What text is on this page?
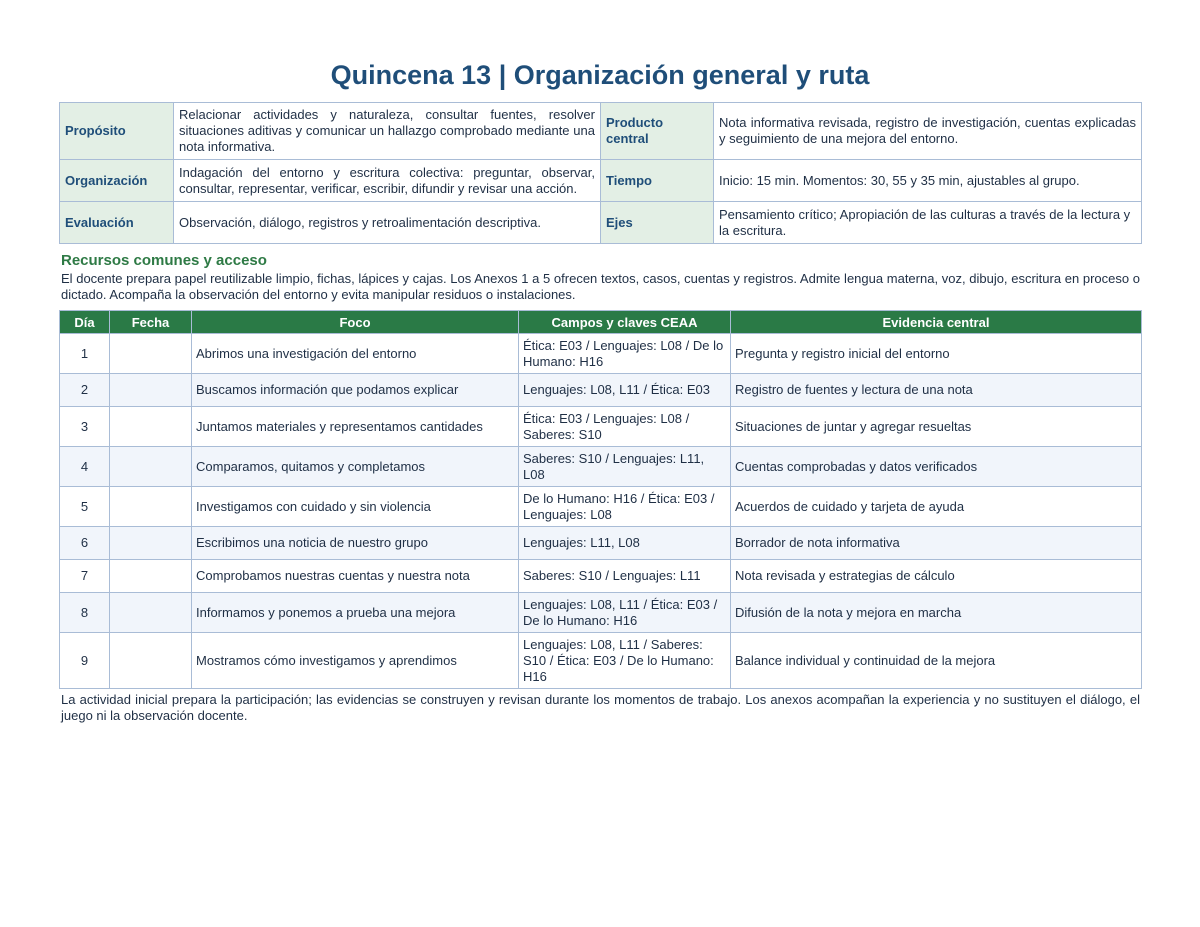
Quincena 13 | Organización general y ruta
Propósito	Relacionar actividades y naturaleza, consultar fuentes, resolver situaciones aditivas y comunicar un hallazgo comprobado mediante una nota informativa.	Producto central	Nota informativa revisada, registro de investigación, cuentas explicadas y seguimiento de una mejora del entorno.
Organización	Indagación del entorno y escritura colectiva: preguntar, observar, consultar, representar, verificar, escribir, difundir y revisar una acción.	Tiempo	Inicio: 15 min. Momentos: 30, 55 y 35 min, ajustables al grupo.
Evaluación	Observación, diálogo, registros y retroalimentación descriptiva.	Ejes	Pensamiento crítico; Apropiación de las culturas a través de la lectura y la escritura.
Recursos comunes y acceso
El docente prepara papel reutilizable limpio, fichas, lápices y cajas. Los Anexos 1 a 5 ofrecen textos, casos, cuentas y registros. Admite lengua materna, voz, dibujo, escritura en proceso o dictado. Acompaña la observación del entorno y evita manipular residuos o instalaciones.
Día	Fecha	Foco	Campos y claves CEAA	Evidencia central
1		Abrimos una investigación del entorno	Ética: E03 / Lenguajes: L08 / De lo Humano: H16	Pregunta y registro inicial del entorno
2		Buscamos información que podamos explicar	Lenguajes: L08, L11 / Ética: E03	Registro de fuentes y lectura de una nota
3		Juntamos materiales y representamos cantidades	Ética: E03 / Lenguajes: L08 / Saberes: S10	Situaciones de juntar y agregar resueltas
4		Comparamos, quitamos y completamos	Saberes: S10 / Lenguajes: L11, L08	Cuentas comprobadas y datos verificados
5		Investigamos con cuidado y sin violencia	De lo Humano: H16 / Ética: E03 / Lenguajes: L08	Acuerdos de cuidado y tarjeta de ayuda
6		Escribimos una noticia de nuestro grupo	Lenguajes: L11, L08	Borrador de nota informativa
7		Comprobamos nuestras cuentas y nuestra nota	Saberes: S10 / Lenguajes: L11	Nota revisada y estrategias de cálculo
8		Informamos y ponemos a prueba una mejora	Lenguajes: L08, L11 / Ética: E03 / De lo Humano: H16	Difusión de la nota y mejora en marcha
9		Mostramos cómo investigamos y aprendimos	Lenguajes: L08, L11 / Saberes: S10 / Ética: E03 / De lo Humano: H16	Balance individual y continuidad de la mejora
La actividad inicial prepara la participación; las evidencias se construyen y revisan durante los momentos de trabajo. Los anexos acompañan la experiencia y no sustituyen el diálogo, el juego ni la observación docente.
